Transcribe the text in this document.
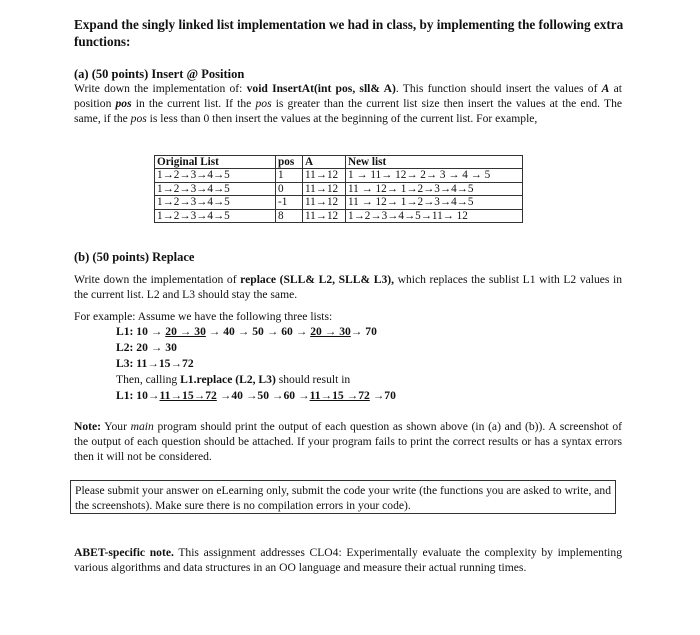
Expand the singly linked list implementation we had in class, by implementing the following extra functions:
(a) (50 points) Insert @ Position
Write down the implementation of: void InsertAt(int pos, sll& A). This function should insert the values of A at position pos in the current list. If the pos is greater than the current list size then insert the values at the end. The same, if the pos is less than 0 then insert the values at the beginning of the current list. For example,
Original List	pos	A	New list
1→2→3→4→5	1	11→12	1 → 11→ 12→ 2→ 3 → 4 → 5
1→2→3→4→5	0	11→12	11 → 12→ 1→2→3→4→5
1→2→3→4→5	-1	11→12	11 → 12→ 1→2→3→4→5
1→2→3→4→5	8	11→12	1→2→3→4→5→11→ 12
(b) (50 points) Replace
Write down the implementation of replace (SLL& L2, SLL& L3), which replaces the sublist L1 with L2 values in the current list. L2 and L3 should stay the same.
For example: Assume we have the following three lists:
L1: 10 → 20 → 30 → 40 → 50 → 60 → 20 → 30→ 70
L2: 20 → 30
L3: 11→15→72
Then, calling L1.replace (L2, L3) should result in
L1: 10→11→15→72 →40 →50 →60 →11→15 →72 →70
Note: Your main program should print the output of each question as shown above (in (a) and (b)). A screenshot of the output of each question should be attached. If your program fails to print the correct results or has a syntax errors then it will not be considered.
Please submit your answer on eLearning only, submit the code your write (the functions you are asked to write, and the screenshots). Make sure there is no compilation errors in your code).
ABET-specific note. This assignment addresses CLO4: Experimentally evaluate the complexity by implementing various algorithms and data structures in an OO language and measure their actual running times.
